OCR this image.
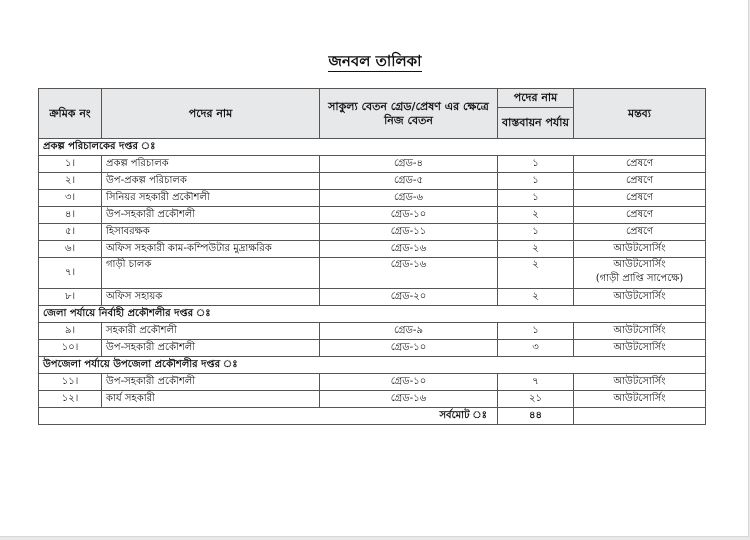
জনবল তালিকা
ক্রমিক নং	পদের নাম	সাকুল্য বেতন গ্রেড/প্রেষণ এর ক্ষেত্রে নিজ বেতন	পদের নাম	মন্তব্য
			বাস্তবায়ন পর্যায়	
প্রকল্প পরিচালকের দপ্তর ঃ				
১।	প্রকল্প পরিচালক	গ্রেড-৪	১	প্রেষণে

২।	উপ-প্রকল্প পরিচালক	গ্রেড-৫	১	প্রেষণে

৩।	সিনিয়র সহকারী প্রকৌশলী	গ্রেড-৬	১	প্রেষণে

৪।	উপ-সহকারী প্রকৌশলী	গ্রেড-১০	২	প্রেষণে

৫।	হিসাবরক্ষক	গ্রেড-১১	১	প্রেষণে

৬।	অফিস সহকারী কাম-কম্পিউটার মুদ্রাক্ষরিক	গ্রেড-১৬	২	আউটসোর্সিং

৭।	গাড়ী চালক	গ্রেড-১৬	২	আউটসোর্সিং
(গাড়ী প্রাপ্তি সাপেক্ষে)

৮।	অফিস সহায়ক	গ্রেড-২০	২	আউটসোর্সিং

জেলা পর্যায়ে নির্বাহী প্রকৌশলীর দপ্তর ঃ				
৯।	সহকারী প্রকৌশলী	গ্রেড-৯	১	আউটসোর্সিং

১০।	উপ-সহকারী প্রকৌশলী	গ্রেড-১০	৩	আউটসোর্সিং

উপজেলা পর্যায়ে উপজেলা প্রকৌশলীর দপ্তর ঃ				
১১।	উপ-সহকারী প্রকৌশলী	গ্রেড-১০	৭	আউটসোর্সিং

১২।	কার্য সহকারী	গ্রেড-১৬	২১	আউটসোর্সিং

সর্বমোট ঃ			৪৪	
